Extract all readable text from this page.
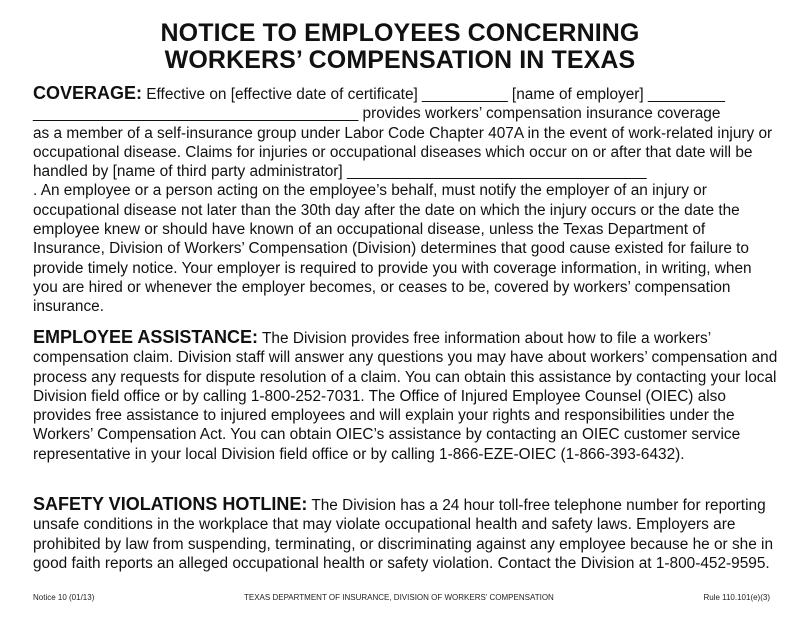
NOTICE TO EMPLOYEES CONCERNING
WORKERS’ COMPENSATION IN TEXAS

COVERAGE: Effective on [effective date of certificate] __________ [name of employer] _________

______________________________________ provides workers’ compensation insurance coverage

as a member of a self-insurance group under Labor Code Chapter 407A in the event of work-related injury or occupational disease. Claims for injuries or occupational diseases which occur on or after that date will be handled by [name of third party administrator] ___________________________________

. An employee or a person acting on the employee’s behalf, must notify the employer of an injury or occupational disease not later than the 30th day after the date on which the injury occurs or the date the employee knew or should have known of an occupational disease, unless the Texas Department of Insurance, Division of Workers’ Compensation (Division) determines that good cause existed for failure to provide timely notice. Your employer is required to provide you with coverage information, in writing, when you are hired or whenever the employer becomes, or ceases to be, covered by workers’ compensation insurance.

EMPLOYEE ASSISTANCE: The Division provides free information about how to file a workers’ compensation claim. Division staff will answer any questions you may have about workers’ compensation and process any requests for dispute resolution of a claim. You can obtain this assistance by contacting your local Division field office or by calling 1-800-252-7031. The Office of Injured Employee Counsel (OIEC) also provides free assistance to injured employees and will explain your rights and responsibilities under the Workers’ Compensation Act. You can obtain OIEC’s assistance by contacting an OIEC customer service representative in your local Division field office or by calling 1-866-EZE-OIEC (1-866-393-6432).

SAFETY VIOLATIONS HOTLINE: The Division has a 24 hour toll-free telephone number for reporting unsafe conditions in the workplace that may violate occupational health and safety laws. Employers are prohibited by law from suspending, terminating, or discriminating against any employee because he or she in good faith reports an alleged occupational health or safety violation. Contact the Division at 1-800-452-9595.

Notice 10 (01/13)	TEXAS DEPARTMENT OF INSURANCE, DIVISION OF WORKERS’ COMPENSATION	Rule 110.101(e)(3)
